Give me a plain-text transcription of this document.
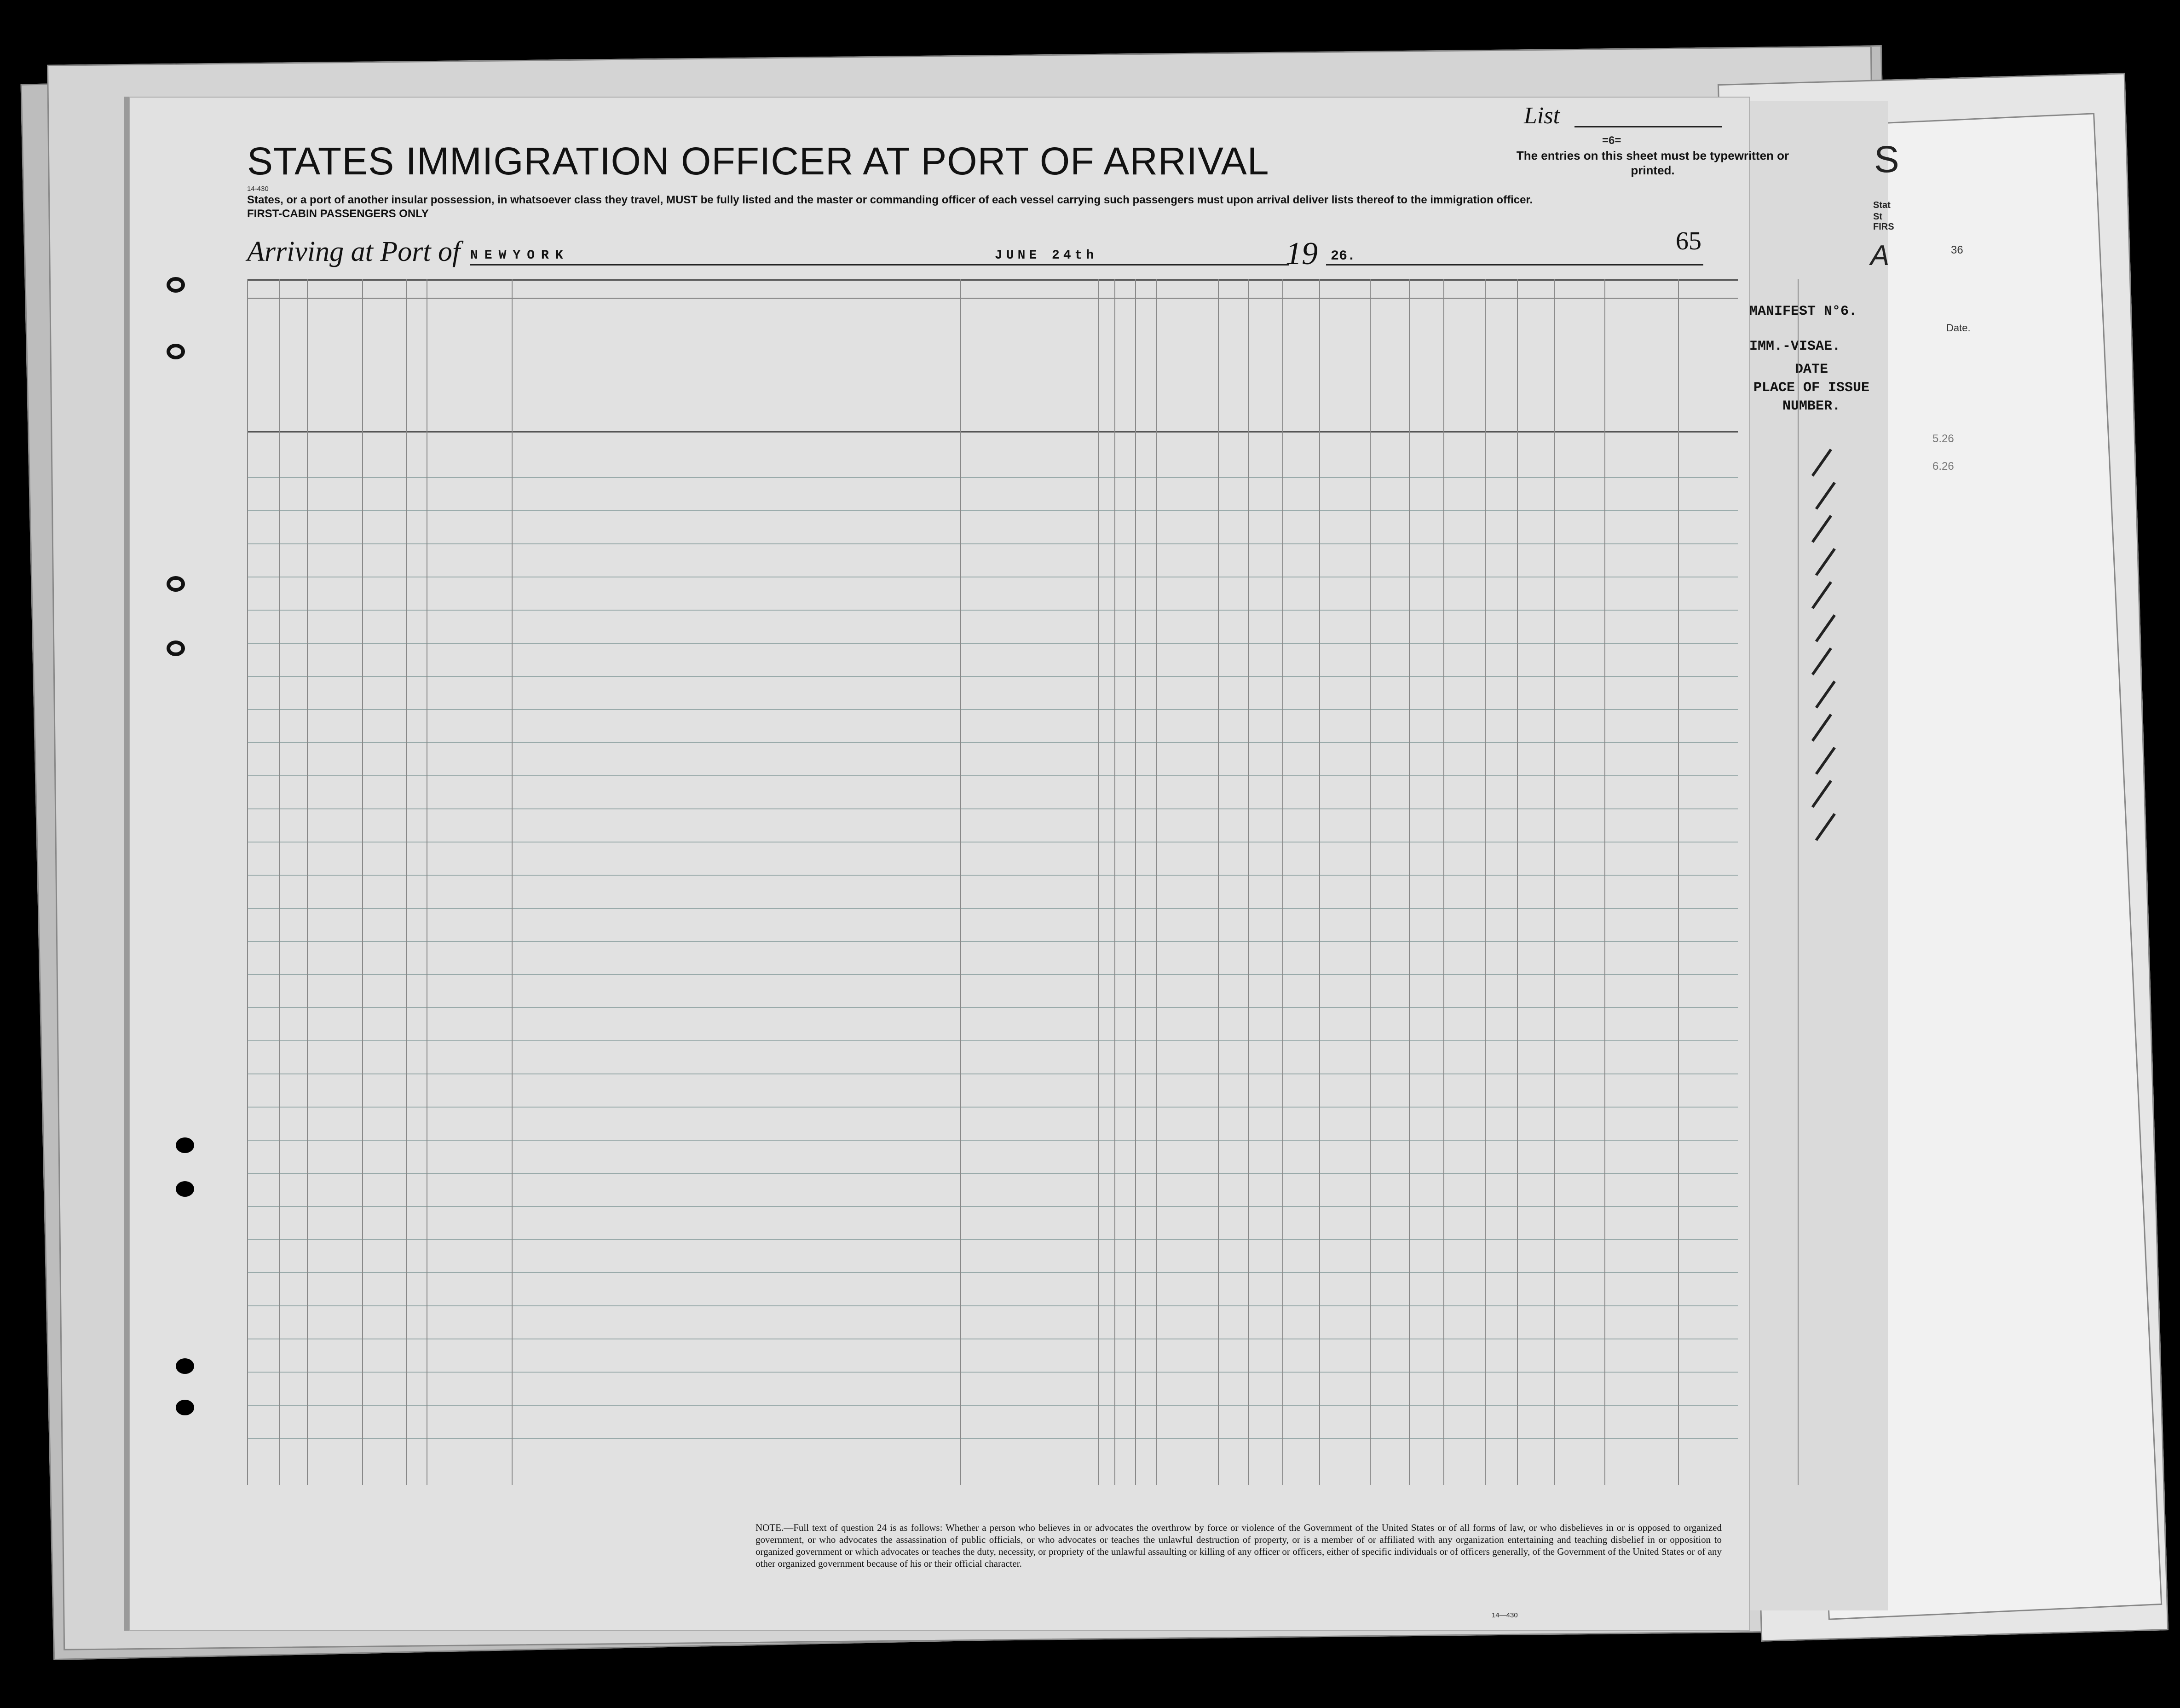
36
Date.
5.26
6.26
S
Stat
St
FIRS
A
List
=6=
The entries on this sheet must be typewritten or printed.
STATES IMMIGRATION OFFICER AT PORT OF ARRIVAL
14-430
States, or a port of another insular possession, in whatsoever class they travel, MUST be fully listed and the master or commanding officer of each vessel carrying such passengers must upon arrival deliver lists thereof to the immigration officer.
FIRST-CABIN PASSENGERS ONLY
Arriving at Port of NEWYORK	JUNE 24th	19 26.
65
MANIFEST N°6.
IMM.-VISAE.
DATE
PLACE OF ISSUE
NUMBER.
NOTE.—Full text of question 24 is as follows: Whether a person who believes in or advocates the overthrow by force or violence of the Government of the United States or of all forms of law, or who disbelieves in or is opposed to organized government, or who advocates the assassination of public officials, or who advocates or teaches the unlawful destruction of property, or is a member of or affiliated with any organization entertaining and teaching disbelief in or opposition to organized government or which advocates or teaches the duty, necessity, or propriety of the unlawful assaulting or killing of any officer or officers, either of specific individuals or of officers generally, of the Government of the United States or of any other organized government because of his or their official character.
14—430
